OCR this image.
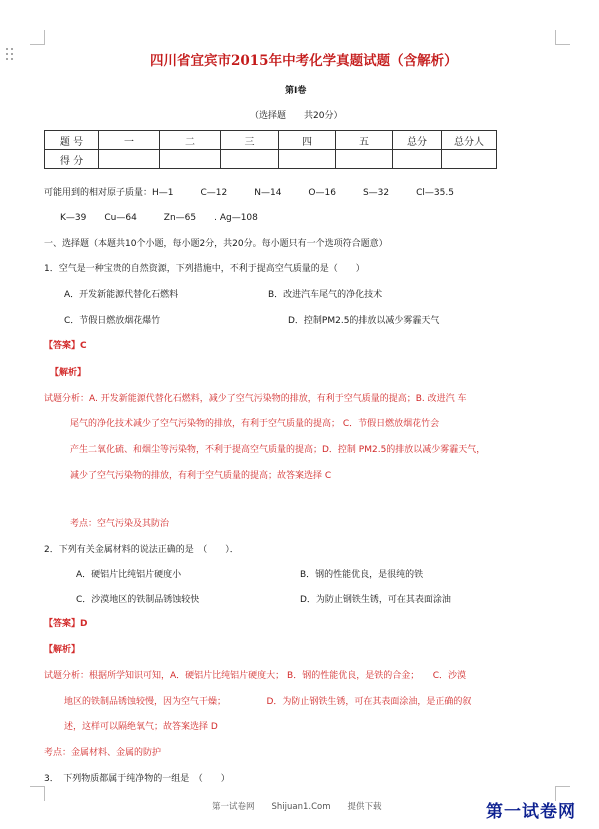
四川省宜宾市2015年中考化学真题试题（含解析）
第Ⅰ卷
（选择题　　共20分）
题 号	一	二	三	四	五	总分	总分人
得 分							
可能用到的相对原子质量：H—1　　　C—12　　　N—14　　　O—16　　　S—32　　　Cl—35.5
K—39　　Cu—64　　　Zn—65　　. Ag—108
一、选择题（本题共10个小题，每小题2分，共20分。每小题只有一个选项符合题意）
1．空气是一种宝贵的自然资源，下列措施中，不利于提高空气质量的是（　　）
A．开发新能源代替化石燃料	B．改进汽车尾气的净化技术
C．节假日燃放烟花爆竹	D．控制PM2.5的排放以减少雾霾天气
【答案】C
【解析】
试题分析：A. 开发新能源代替化石燃料，减少了空气污染物的排放，有利于空气质量的提高；B. 改进汽 车
尾气的净化技术减少了空气污染物的排放，有利于空气质量的提高； C．节假日燃放烟花竹会
产生二氧化硫、和烟尘等污染物，不利于提高空气质量的提高；D．控制 PM2.5的排放以减少雾霾天气，
减少了空气污染物的排放，有利于空气质量的提高；故答案选择 C
考点：空气污染及其防治
2．下列有关金属材料的说法正确的是　（　　）．
A．硬铝片比纯铝片硬度小	B．钢的性能优良，是很纯的铁
C．沙漠地区的铁制品锈蚀较快	D．为防止钢铁生锈，可在其表面涂油
【答案】D
【解析】
试题分析：根据所学知识可知，A．硬铝片比纯铝片硬度大； B．钢的性能优良，是铁的合金；　　C．沙漠
地区的铁制品锈蚀较慢，因为空气干燥；　　　　　D．为防止钢铁生锈，可在其表面涂油，是正确的叙
述，这样可以隔绝氧气；故答案选择 D
考点：金属材料、金属的防护
3．　下列物质都属于纯净物的一组是　（　　）
第一试卷网　　Shijuan1.Com　　提供下载	第一试卷网
